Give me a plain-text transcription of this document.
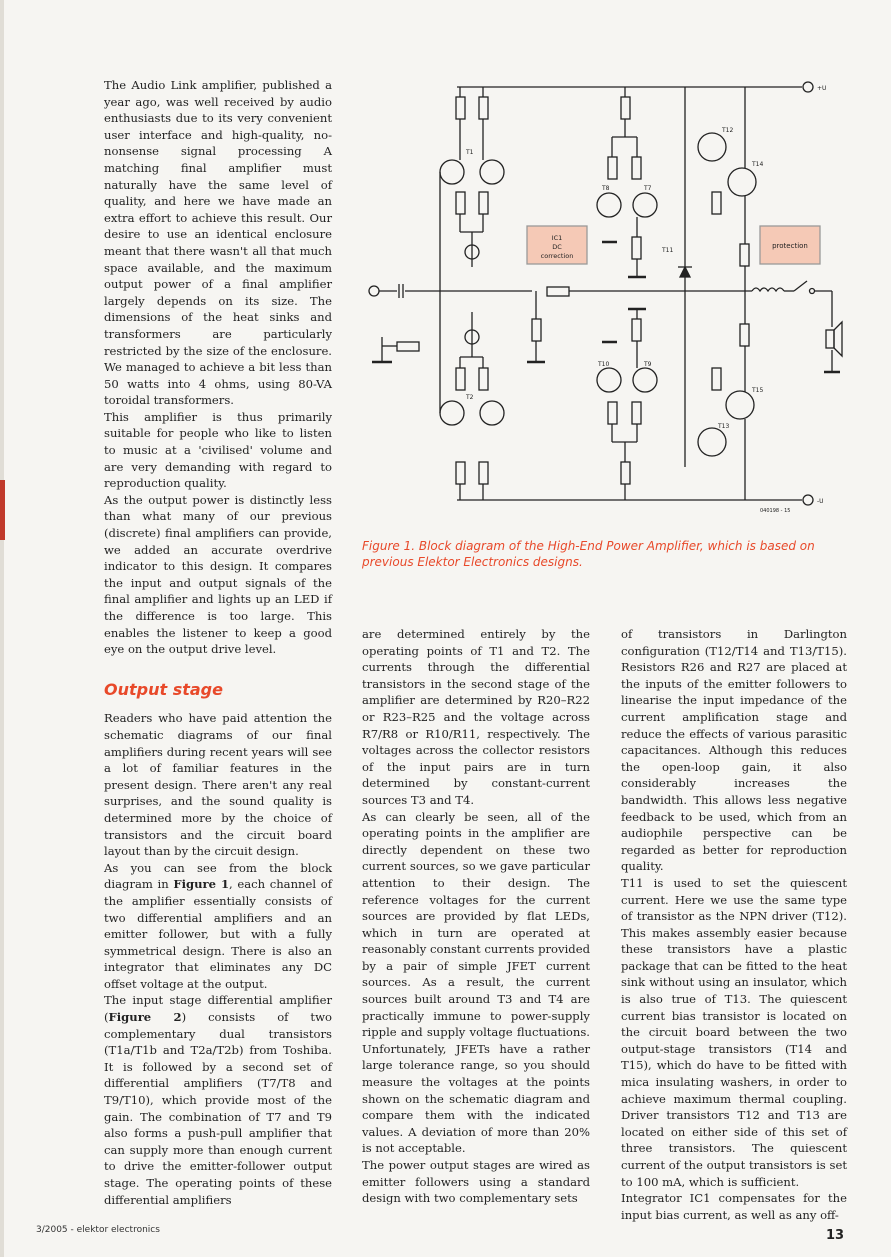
The Audio Link amplifier, published a year ago, was well received by audio enthusiasts due to its very convenient user interface and high-quality, no-nonsense signal processing A matching final amplifier must naturally have the same level of quality, and here we have made an extra effort to achieve this result. Our desire to use an identical enclosure meant that there wasn't all that much space available, and the maximum output power of a final amplifier largely depends on its size. The dimensions of the heat sinks and transformers are particularly restricted by the size of the enclosure. We managed to achieve a bit less than 50 watts into 4 ohms, using 80-VA toroidal transformers.

This amplifier is thus primarily suitable for people who like to listen to music at a 'civilised' volume and are very demanding with regard to reproduction quality.

As the output power is distinctly less than what many of our previous (discrete) final amplifiers can provide, we added an accurate overdrive indicator to this design. It compares the input and output signals of the final amplifier and lights up an LED if the difference is too large. This enables the listener to keep a good eye on the output drive level.

Output stage

Readers who have paid attention the schematic diagrams of our final amplifiers during recent years will see a lot of familiar features in the present design. There aren't any real surprises, and the sound quality is determined more by the choice of transistors and the circuit board layout than by the circuit design.

As you can see from the block diagram in Figure 1, each channel of the amplifier essentially consists of two differential amplifiers and an emitter follower, but with a fully symmetrical design. There is also an integrator that eliminates any DC offset voltage at the output.

The input stage differential amplifier (Figure 2) consists of two complementary dual transistors (T1a/T1b and T2a/T2b) from Toshiba. It is followed by a second set of differential amplifiers (T7/T8 and T9/T10), which provide most of the gain. The combination of T7 and T9 also forms a push-pull amplifier that can supply more than enough current to drive the emitter-follower output stage. The operating points of these differential amplifiers

T1
T2
T8	T7
T10	T9
T11
T12
T14
T15
T13
IC1
DC
correction
protection
+U
-U
040198 - 15
Figure 1. Block diagram of the High-End Power Amplifier, which is based on previous Elektor Electronics designs.

are determined entirely by the operating points of T1 and T2. The currents through the differential transistors in the second stage of the amplifier are determined by R20–R22 or R23–R25 and the voltage across R7/R8 or R10/R11, respectively. The voltages across the collector resistors of the input pairs are in turn determined by constant-current sources T3 and T4.

As can clearly be seen, all of the operating points in the amplifier are directly dependent on these two current sources, so we gave particular attention to their design. The reference voltages for the current sources are provided by flat LEDs, which in turn are operated at reasonably constant currents provided by a pair of simple JFET current sources. As a result, the current sources built around T3 and T4 are practically immune to power-supply ripple and supply voltage fluctuations. Unfortunately, JFETs have a rather large tolerance range, so you should measure the voltages at the points shown on the schematic diagram and compare them with the indicated values. A deviation of more than 20% is not acceptable.

The power output stages are wired as emitter followers using a standard design with two complementary sets

of transistors in Darlington configuration (T12/T14 and T13/T15). Resistors R26 and R27 are placed at the inputs of the emitter followers to linearise the input impedance of the current amplification stage and reduce the effects of various parasitic capacitances. Although this reduces the open-loop gain, it also considerably increases the bandwidth. This allows less negative feedback to be used, which from an audiophile perspective can be regarded as better for reproduction quality.

T11 is used to set the quiescent current. Here we use the same type of transistor as the NPN driver (T12). This makes assembly easier because these transistors have a plastic package that can be fitted to the heat sink without using an insulator, which is also true of T13. The quiescent current bias transistor is located on the circuit board between the two output-stage transistors (T14 and T15), which do have to be fitted with mica insulating washers, in order to achieve maximum thermal coupling. Driver transistors T12 and T13 are located on either side of this set of three transistors. The quiescent current of the output transistors is set to 100 mA, which is sufficient.

Integrator IC1 compensates for the input bias current, as well as any off-

3/2005 - elektor electronics	13
